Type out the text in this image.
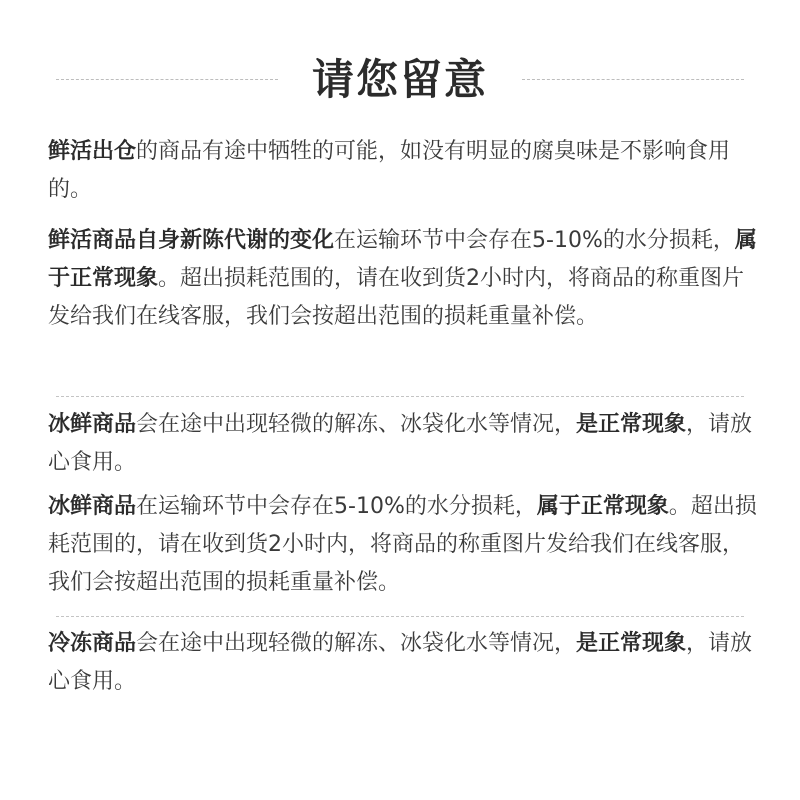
请您留意
鲜活出仓的商品有途中牺牲的可能，如没有明显的腐臭味是不影响食用的。
鲜活商品自身新陈代谢的变化在运输环节中会存在5-10%的水分损耗，属于正常现象。超出损耗范围的，请在收到货2小时内，将商品的称重图片发给我们在线客服，我们会按超出范围的损耗重量补偿。
冰鲜商品会在途中出现轻微的解冻、冰袋化水等情况，是正常现象，请放心食用。
冰鲜商品在运输环节中会存在5-10%的水分损耗，属于正常现象。超出损耗范围的，请在收到货2小时内，将商品的称重图片发给我们在线客服，我们会按超出范围的损耗重量补偿。
冷冻商品会在途中出现轻微的解冻、冰袋化水等情况，是正常现象，请放心食用。
